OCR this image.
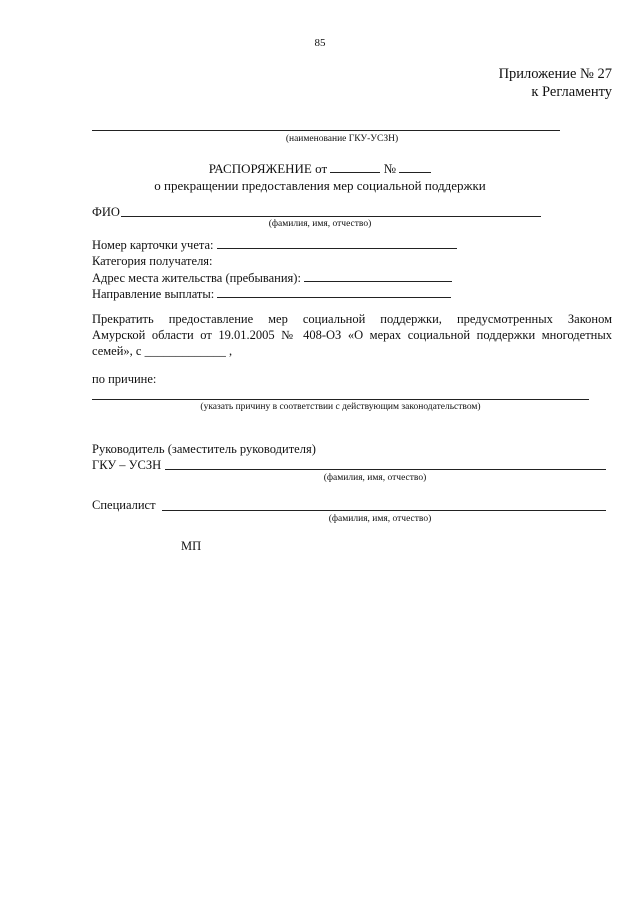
85
Приложение № 27
к Регламенту
(наименование ГКУ-УСЗН)
РАСПОРЯЖЕНИЕ от	№
о прекращении предоставления мер социальной поддержки
ФИО
(фамилия, имя, отчество)
Номер карточки учета:
Категория получателя:
Адрес места жительства (пребывания):
Направление выплаты:
Прекратить предоставление мер социальной поддержки, предусмотренных Законом
Амурской области от 19.01.2005 № 408-ОЗ «О мерах социальной поддержки многодетных
семей», с _____________ ,
по причине:
(указать причину в соответствии с действующим законодательством)
Руководитель (заместитель руководителя)
ГКУ – УСЗН
(фамилия, имя, отчество)
Специалист
(фамилия, имя, отчество)
МП
